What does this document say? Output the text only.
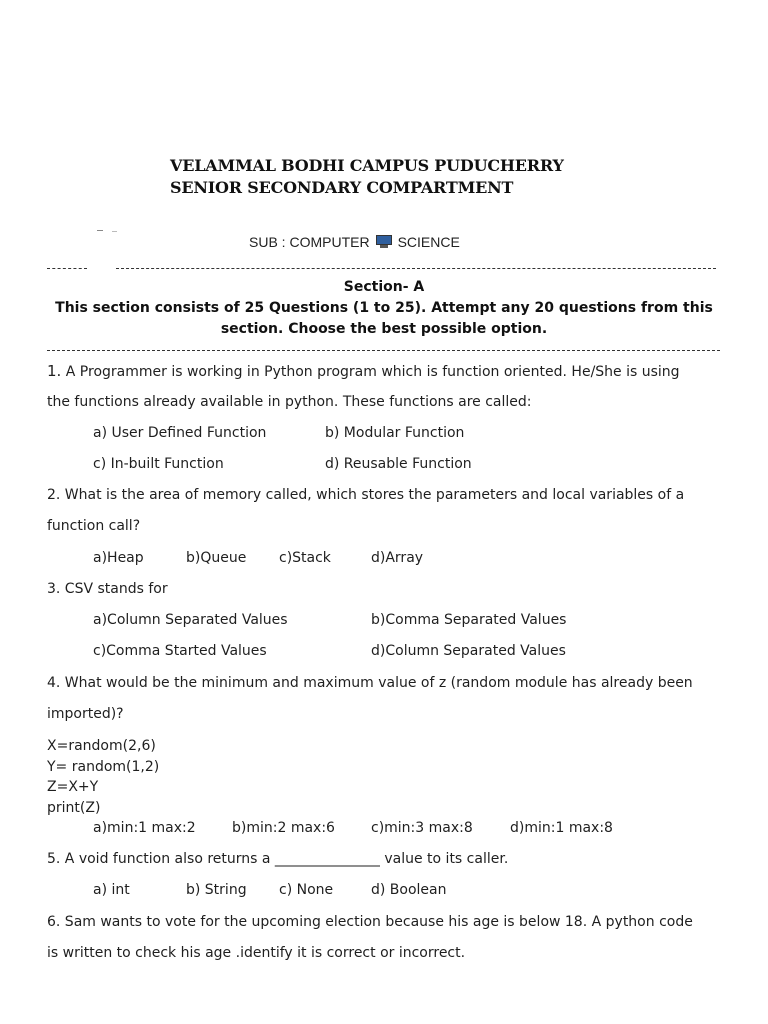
VELAMMAL BODHI CAMPUS PUDUCHERRY
SENIOR SECONDARY COMPARTMENT
SUB : COMPUTER SCIENCE
Section- A
This section consists of 25 Questions (1 to 25). Attempt any 20 questions from this
section. Choose the best possible option.
1. A Programmer is working in Python program which is function oriented. He/She is using
the functions already available in python. These functions are called:
a) User Defined Function	b) Modular Function
c) In-built Function	d) Reusable Function
2. What is the area of memory called, which stores the parameters and local variables of a
function call?
a)Heap	b)Queue c)Stack	d)Array
3. CSV stands for
a)Column Separated Values	b)Comma Separated Values
c)Comma Started Values	d)Column Separated Values
4. What would be the minimum and maximum value of z (random module has already been
imported)?
X=random(2,6)
Y= random(1,2)
Z=X+Y
print(Z)
a)min:1 max:2	b)min:2 max:6	c)min:3 max:8	d)min:1 max:8
5. A void function also returns a _______________ value to its caller.
a) int	b) String c) None	d) Boolean
6. Sam wants to vote for the upcoming election because his age is below 18. A python code
is written to check his age .identify it is correct or incorrect.
